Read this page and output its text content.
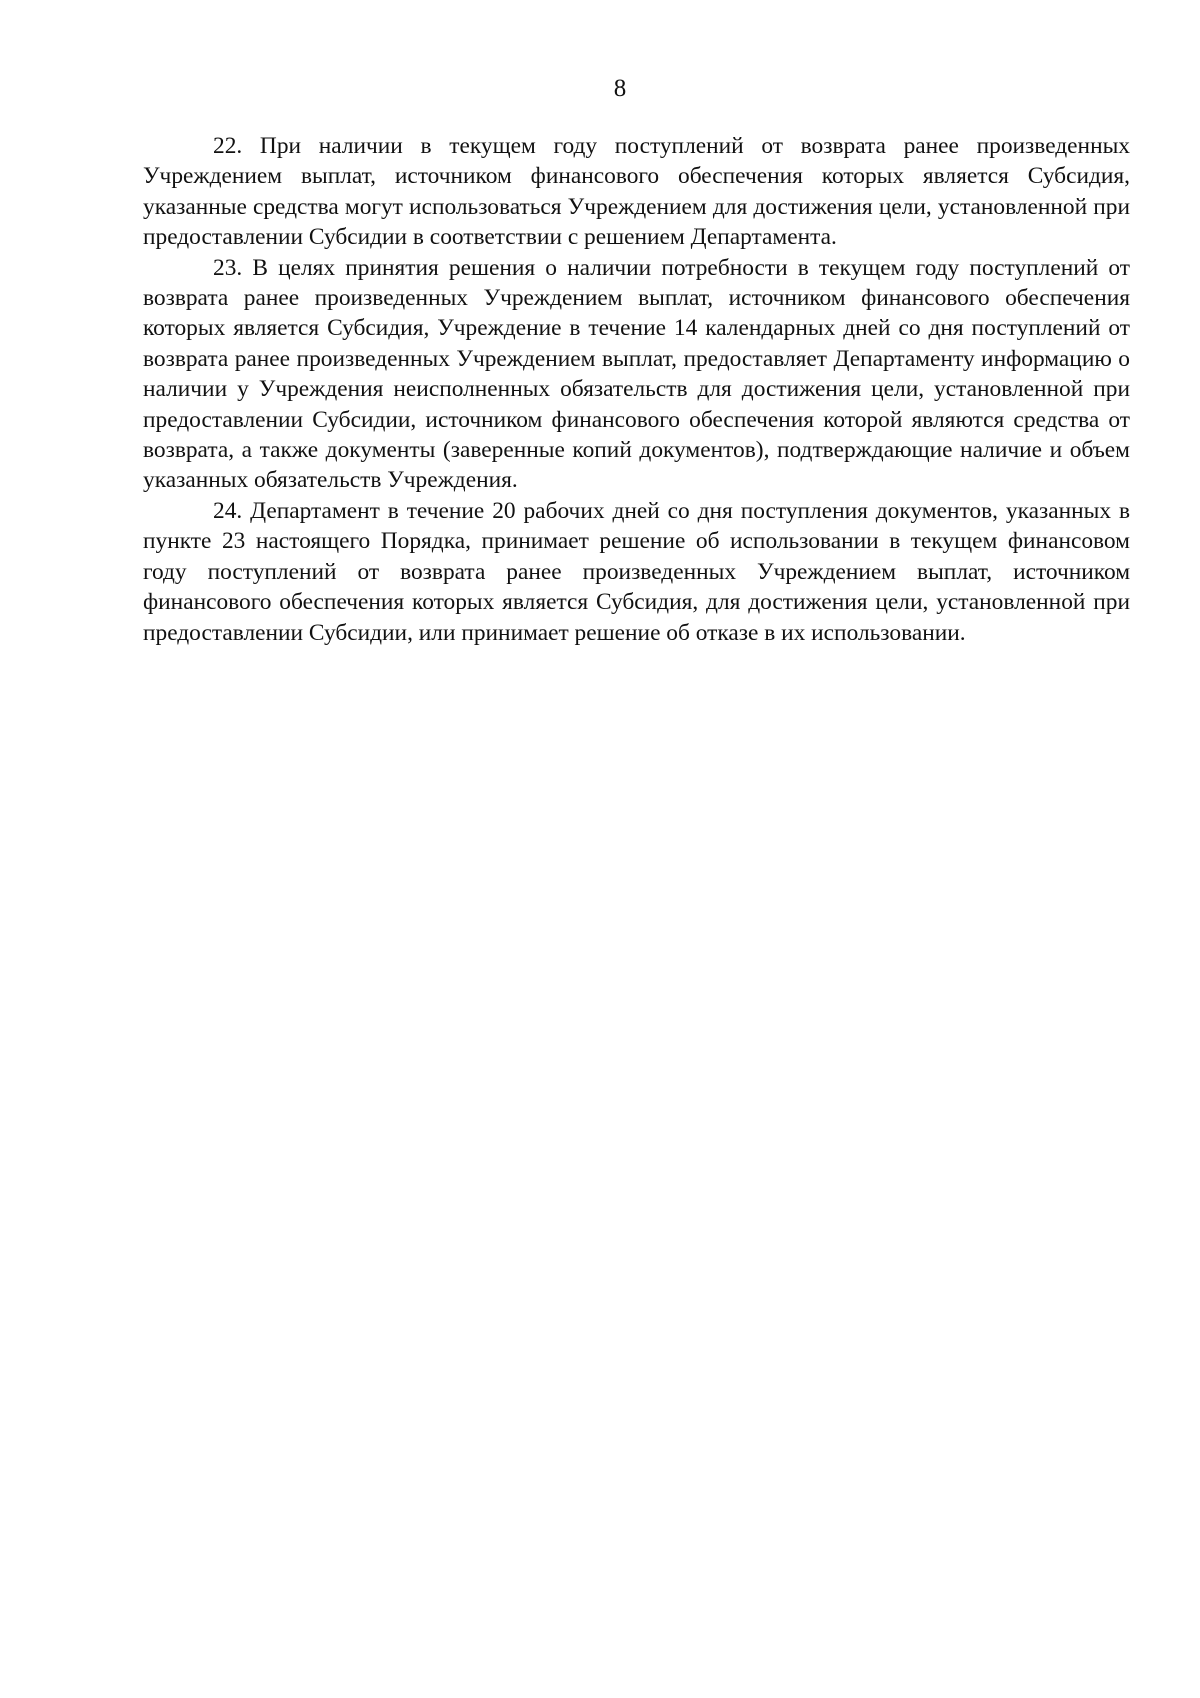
8

22. При наличии в текущем году поступлений от возврата ранее произведенных Учреждением выплат, источником финансового обеспечения которых является Субсидия, указанные средства могут использоваться Учреждением для достижения цели, установленной при предоставлении Субсидии в соответствии с решением Департамента.

23. В целях принятия решения о наличии потребности в текущем году поступлений от возврата ранее произведенных Учреждением выплат, источником финансового обеспечения которых является Субсидия, Учреждение в течение 14 календарных дней со дня поступлений от возврата ранее произведенных Учреждением выплат, предоставляет Департаменту информацию о наличии у Учреждения неисполненных обязательств для достижения цели, установленной при предоставлении Субсидии, источником финансового обеспечения которой являются средства от возврата, а также документы (заверенные копий документов), подтверждающие наличие и объем указанных обязательств Учреждения.

24. Департамент в течение 20 рабочих дней со дня поступления документов, указанных в пункте 23 настоящего Порядка, принимает решение об использовании в текущем финансовом году поступлений от возврата ранее произведенных Учреждением выплат, источником финансового обеспечения которых является Субсидия, для достижения цели, установленной при предоставлении Субсидии, или принимает решение об отказе в их использовании.
